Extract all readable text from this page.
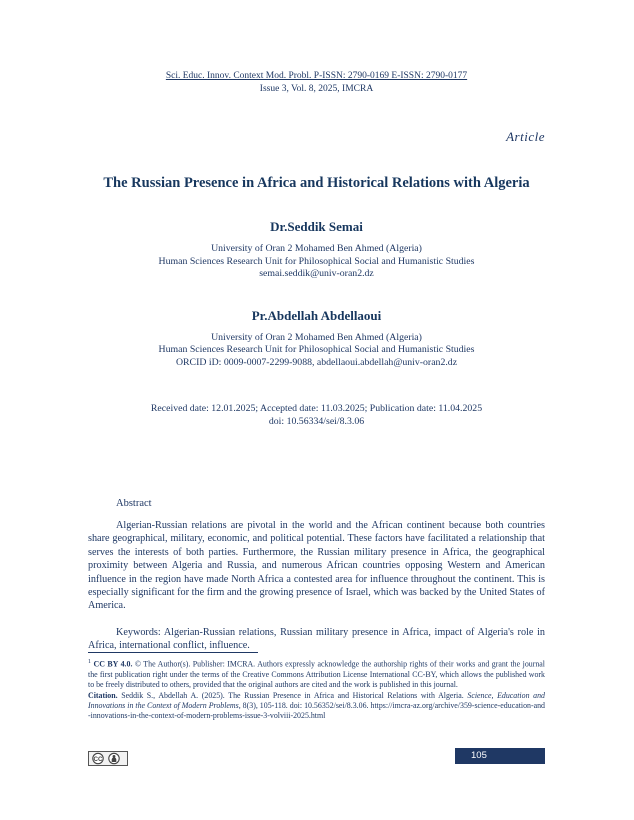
Sci. Educ. Innov. Context Mod. Probl. P-ISSN: 2790-0169 E-ISSN: 2790-0177
Issue 3, Vol. 8, 2025, IMCRA
Article
The Russian Presence in Africa and Historical Relations with Algeria
Dr.Seddik Semai
University of Oran 2 Mohamed Ben Ahmed (Algeria)
Human Sciences Research Unit for Philosophical Social and Humanistic Studies
semai.seddik@univ-oran2.dz
Pr.Abdellah Abdellaoui
University of Oran 2 Mohamed Ben Ahmed (Algeria)
Human Sciences Research Unit for Philosophical Social and Humanistic Studies
ORCID iD: 0009-0007-2299-9088, abdellaoui.abdellah@univ-oran2.dz
Received date: 12.01.2025; Accepted date: 11.03.2025; Publication date: 11.04.2025
doi: 10.56334/sei/8.3.06
Abstract

Algerian-Russian relations are pivotal in the world and the African continent because both countries share geographical, military, economic, and political potential. These factors have facilitated a relationship that serves the interests of both parties. Furthermore, the Russian military presence in Africa, the geographical proximity between Algeria and Russia, and numerous African countries opposing Western and American influence in the region have made North Africa a contested area for influence throughout the continent. This is especially significant for the firm and the growing presence of Israel, which was backed by the United States of America.

Keywords: Algerian-Russian relations, Russian military presence in Africa, impact of Algeria's role in Africa, international conflict, influence.

$^1$ CC BY 4.0. © The Author(s). Publisher: IMCRA. Authors expressly acknowledge the authorship rights of their works and grant the journal the first publication right under the terms of the Creative Commons Attribution License International CC-BY, which allows the published work to be freely distributed to others, provided that the original authors are cited and the work is published in this journal.

Citation. Seddik S., Abdellah A. (2025). The Russian Presence in Africa and Historical Relations with Algeria. Science, Education and Innovations in the Context of Modern Problems, 8(3), 105-118. doi: 10.56352/sei/8.3.06. https://imcra-az.org/archive/359-science-education-and-innovations-in-the-context-of-modern-problems-issue-3-volviii-2025.html

CC	105
